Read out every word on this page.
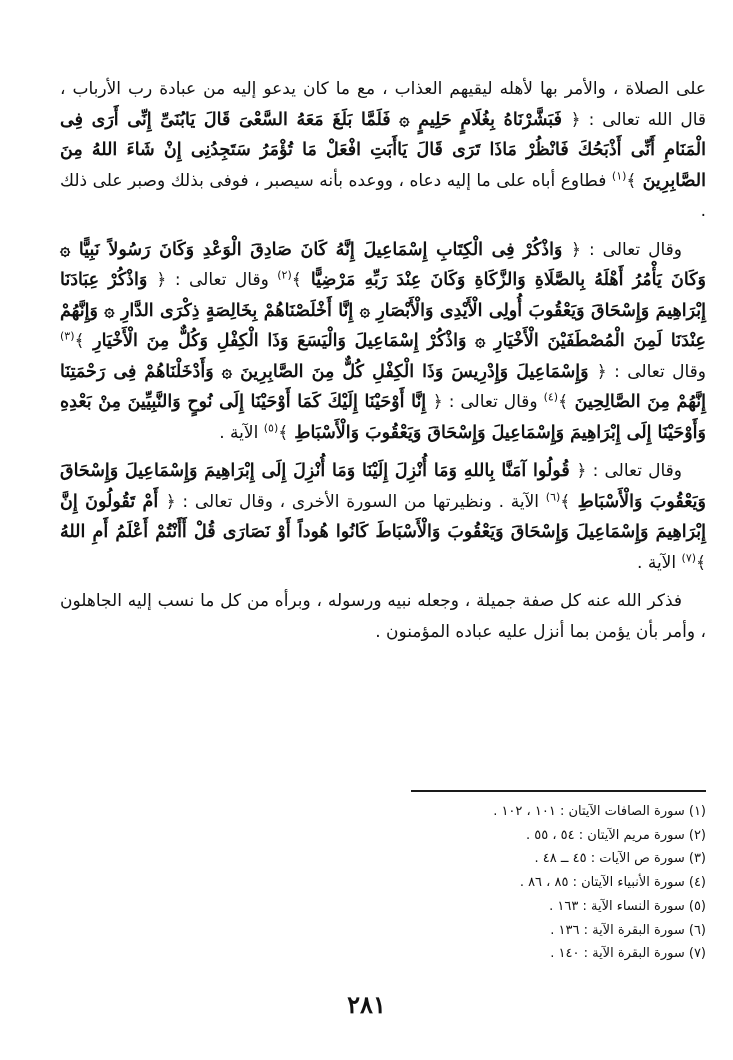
على الصلاة ، والأمر بها لأهله ليقيهم العذاب ، مع ما كان يدعو إليه من عبادة رب الأرباب ، قال الله تعالى : ﴿ فَبَشَّرْنَاهُ بِغُلَامٍ حَلِيمٍ ۞ فَلَمَّا بَلَغَ مَعَهُ السَّعْىَ قَالَ يَابُنَىِّ إِنِّى أَرَى فِى الْمَنَامِ أَنِّى أَذْبَحُكَ فَانْظُرْ مَاذَا تَرَى قَالَ يَاأَبَتِ افْعَلْ مَا تُؤْمَرُ سَتَجِدُنِى إِنْ شَاءَ اللهُ مِنَ الصَّابِرِينَ ﴾$^{(١)}$ فطاوع أباه على ما إليه دعاه ، ووعده بأنه سيصبر ، فوفى بذلك وصبر على ذلك .

وقال تعالى : ﴿ وَاذْكُرْ فِى الْكِتَابِ إِسْمَاعِيلَ إِنَّهُ كَانَ صَادِقَ الْوَعْدِ وَكَانَ رَسُولاً نَبِيًّا ۞ وَكَانَ يَأْمُرُ أَهْلَهُ بِالصَّلَاةِ وَالزَّكَاةِ وَكَانَ عِنْدَ رَبِّهِ مَرْضِيًّا ﴾$^{(٢)}$ وقال تعالى : ﴿ وَاذْكُرْ عِبَادَنَا إِبْرَاهِيمَ وَإِسْحَاقَ وَيَعْقُوبَ أُولِى الْأَيْدِى وَالْأَبْصَارِ ۞ إِنَّا أَخْلَصْنَاهُمْ بِخَالِصَةٍ ذِكْرَى الدَّارِ ۞ وَإِنَّهُمْ عِنْدَنَا لَمِنَ الْمُصْطَفَيْنَ الْأَخْيَارِ ۞ وَاذْكُرْ إِسْمَاعِيلَ وَالْيَسَعَ وَذَا الْكِفْلِ وَكُلٌّ مِنَ الْأَخْيَارِ ﴾$^{(٣)}$ وقال تعالى : ﴿ وَإِسْمَاعِيلَ وَإِدْرِيسَ وَذَا الْكِفْلِ كُلٌّ مِنَ الصَّابِرِينَ ۞ وَأَدْخَلْنَاهُمْ فِى رَحْمَتِنَا إِنَّهُمْ مِنَ الصَّالِحِينَ ﴾$^{(٤)}$ وقال تعالى : ﴿ إِنَّا أَوْحَيْنَا إِلَيْكَ كَمَا أَوْحَيْنَا إِلَى نُوحٍ وَالنَّبِيِّينَ مِنْ بَعْدِهِ وَأَوْحَيْنَا إِلَى إِبْرَاهِيمَ وَإِسْمَاعِيلَ وَإِسْحَاقَ وَيَعْقُوبَ وَالْأَسْبَاطِ ﴾$^{(٥)}$ الآية .

وقال تعالى : ﴿ قُولُوا آمَنَّا بِاللهِ وَمَا أُنْزِلَ إِلَيْنَا وَمَا أُنْزِلَ إِلَى إِبْرَاهِيمَ وَإِسْمَاعِيلَ وَإِسْحَاقَ وَيَعْقُوبَ وَالْأَسْبَاطِ ﴾$^{(٦)}$ الآية . ونظيرتها من السورة الأخرى ، وقال تعالى : ﴿ أَمْ تَقُولُونَ إِنَّ إِبْرَاهِيمَ وَإِسْمَاعِيلَ وَإِسْحَاقَ وَيَعْقُوبَ وَالْأَسْبَاطَ كَانُوا هُوداً أَوْ نَصَارَى قُلْ أَأَنْتُمْ أَعْلَمُ أَمِ اللهُ ﴾$^{(٧)}$ الآية .

فذكر الله عنه كل صفة جميلة ، وجعله نبيه ورسوله ، وبرأه من كل ما نسب إليه الجاهلون ، وأمر بأن يؤمن بما أنزل عليه عباده المؤمنون .

(١) سورة الصافات الآيتان : ١٠١ ، ١٠٢ .
(٢) سورة مريم الآيتان : ٥٤ ، ٥٥ .
(٣) سورة ص الآيات : ٤٥ ــ ٤٨ .
(٤) سورة الأنبياء الآيتان : ٨٥ ، ٨٦ .
(٥) سورة النساء الآية : ١٦٣ .
(٦) سورة البقرة الآية : ١٣٦ .
(٧) سورة البقرة الآية : ١٤٠ .
٢٨١
